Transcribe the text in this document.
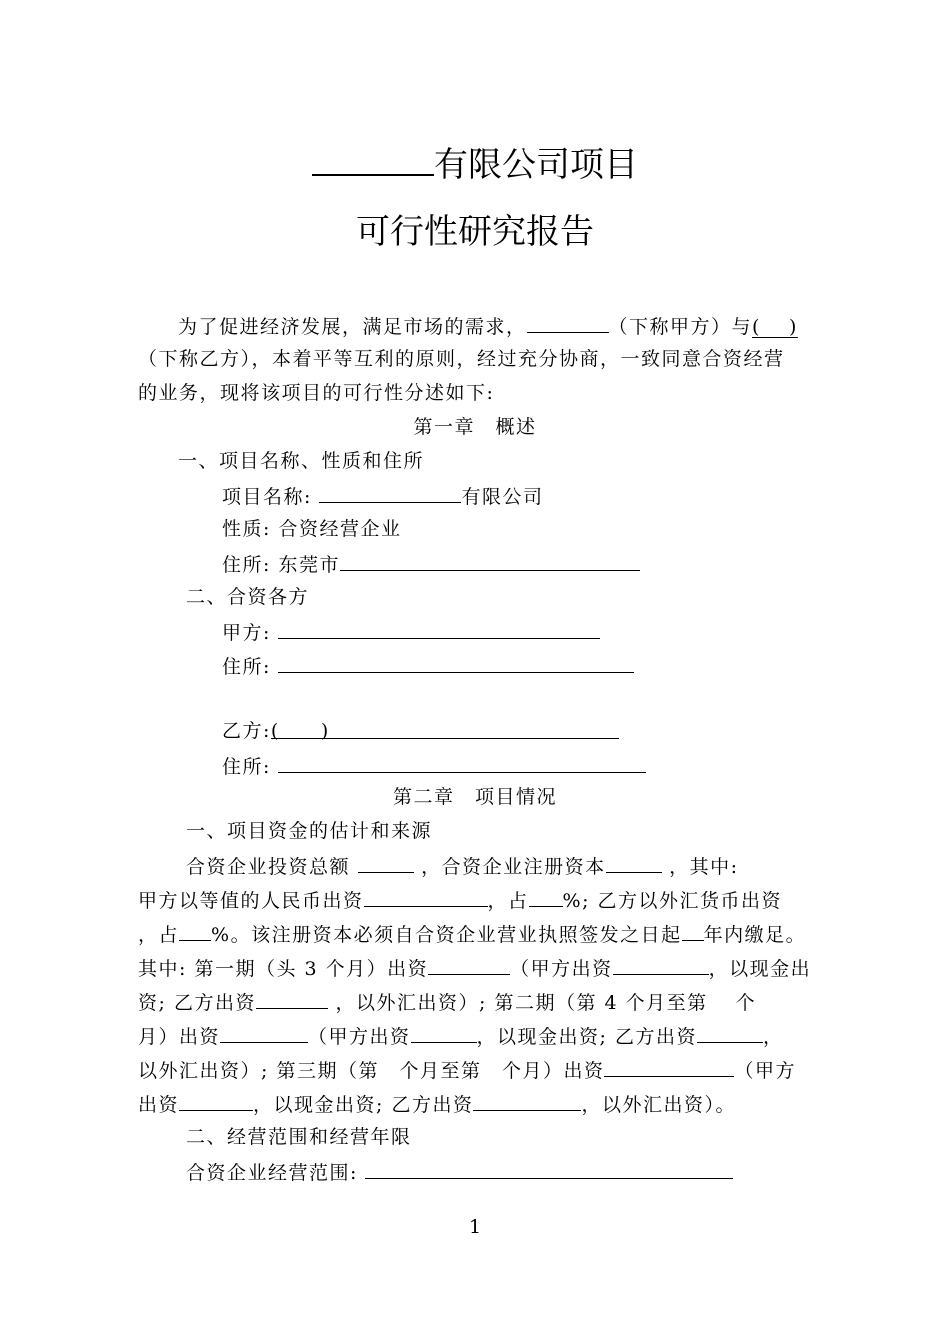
有限公司项目
可行性研究报告
为了促进经济发展，满足市场的需求，	（下称甲方）与(　 )
（下称乙方），本着平等互利的原则，经过充分协商，一致同意合资经营
的业务，现将该项目的可行性分述如下:
第一章　概述
一、项目名称、性质和住所
项目名称:	有限公司
性质: 合资经营企业
住所: 东莞市
二、合资各方
甲方:
住所:
乙方:(　　)
住所:
第二章　项目情况
一、项目资金的估计和来源
合资企业投资总额	，合资企业注册资本	，其中:
甲方以等值的人民币出资	，占 %; 乙方以外汇货币出资
，占 %。该注册资本必须自合资企业营业执照签发之日起 年内缴足。
其中: 第一期（头 3 个月）出资	（甲方出资	，以现金出
资; 乙方出资	，以外汇出资）; 第二期（第 4 个月至第　 个
月）出资	（甲方出资	，以现金出资; 乙方出资	，
以外汇出资）; 第三期（第　个月至第　个月）出资	（甲方
出资	，以现金出资; 乙方出资	，以外汇出资）。
二、经营范围和经营年限
合资企业经营范围:
1
